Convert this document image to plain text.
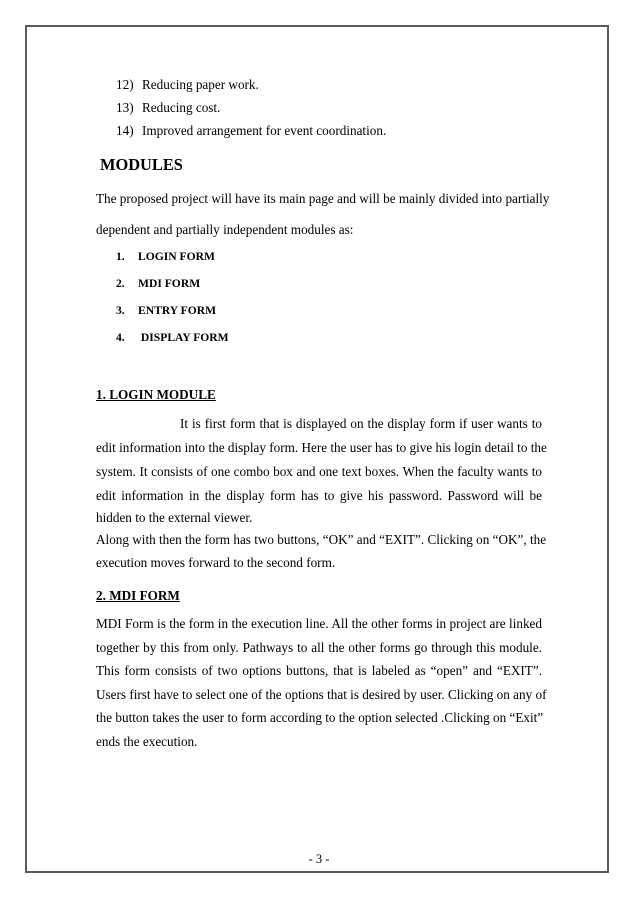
12) Reducing paper work.
13) Reducing cost.
14) Improved arrangement for event coordination.
MODULES
The proposed project will have its main page and will be mainly divided into partially
dependent and partially independent modules as:
1. LOGIN FORM
2. MDI FORM
3. ENTRY FORM
4. DISPLAY FORM
1. LOGIN MODULE
It is first form that is displayed on the display form if user wants to
edit information into the display form. Here the user has to give his login detail to the
system. It consists of one combo box and one text boxes. When the faculty wants to
edit information in the display form has to give his password. Password will be
hidden to the external viewer.
Along with then the form has two buttons, “OK” and “EXIT”. Clicking on “OK”, the
execution moves forward to the second form.
2. MDI FORM
MDI Form is the form in the execution line. All the other forms in project are linked
together by this from only. Pathways to all the other forms go through this module.
This form consists of two options buttons, that is labeled as “open” and “EXIT”.
Users first have to select one of the options that is desired by user. Clicking on any of
the button takes the user to form according to the option selected .Clicking on “Exit”
ends the execution.
- 3 -
